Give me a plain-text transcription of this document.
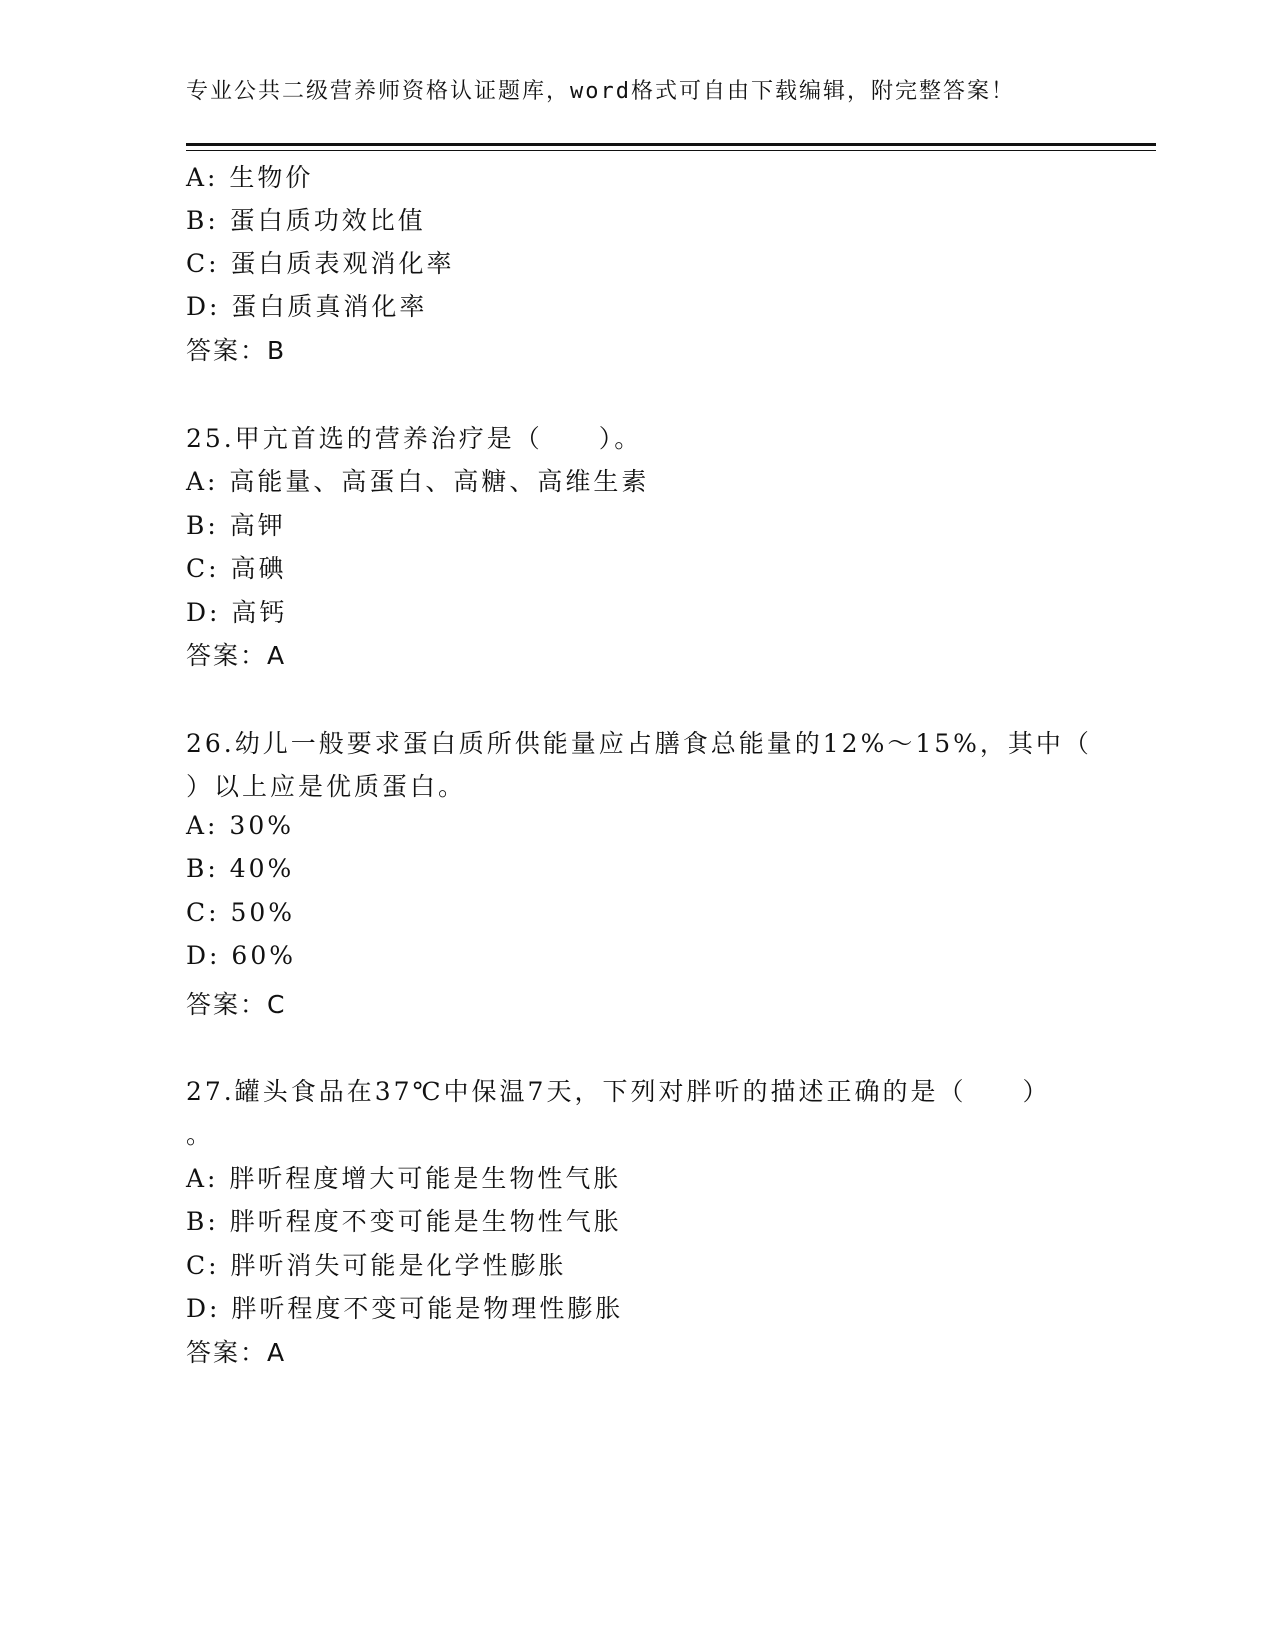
专业公共二级营养师资格认证题库，word格式可自由下载编辑，附完整答案！
A: 生物价
B: 蛋白质功效比值
C: 蛋白质表观消化率
D: 蛋白质真消化率
答案：B
25.甲亢首选的营养治疗是（　　）。
A: 高能量、高蛋白、高糖、高维生素
B: 高钾
C: 高碘
D: 高钙
答案：A
26.幼儿一般要求蛋白质所供能量应占膳食总能量的12%～15%，其中（
）以上应是优质蛋白。
A: 30%
B: 40%
C: 50%
D: 60%
答案：C
27.罐头食品在37℃中保温7天，下列对胖听的描述正确的是（　　）
。
A: 胖听程度增大可能是生物性气胀
B: 胖听程度不变可能是生物性气胀
C: 胖听消失可能是化学性膨胀
D: 胖听程度不变可能是物理性膨胀
答案：A
